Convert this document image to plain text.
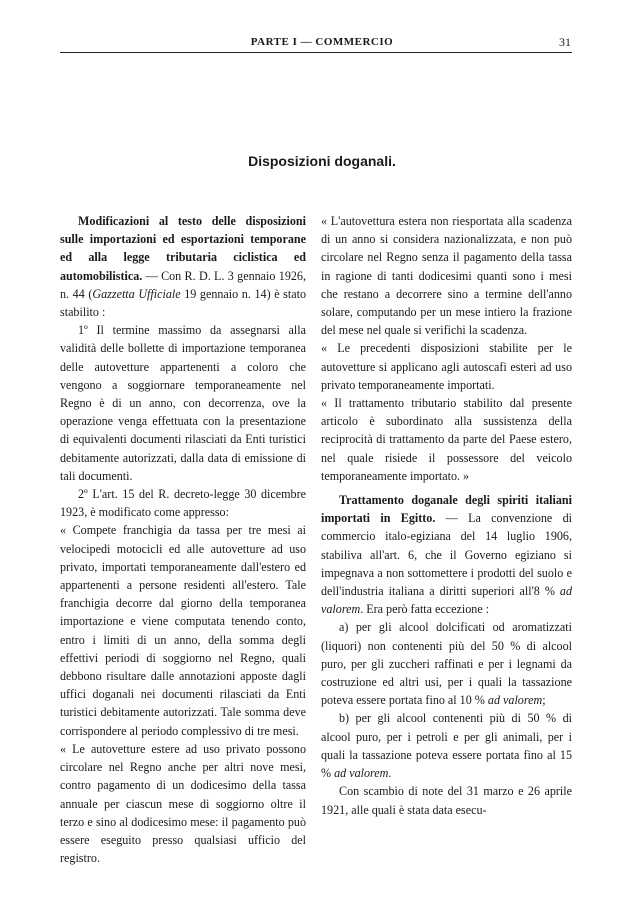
PARTE I — COMMERCIO	31
Disposizioni doganali.

Modificazioni al testo delle disposizioni sulle importazioni ed esportazioni temporane ed alla legge tributaria ciclistica ed automobilistica. — Con R. D. L. 3 gennaio 1926, n. 44 (Gazzetta Ufficiale 19 gennaio n. 14) è stato stabilito :

1º Il termine massimo da assegnarsi alla validità delle bollette di importazione temporanea delle autovetture appartenenti a coloro che vengono a soggiornare temporaneamente nel Regno è di un anno, con decorrenza, ove la operazione venga effettuata con la presentazione di equivalenti documenti rilasciati da Enti turistici debitamente autorizzati, dalla data di emissione di tali documenti.

2º L'art. 15 del R. decreto-legge 30 dicembre 1923, è modificato come appresso:

« Compete franchigia da tassa per tre mesi ai velocipedi motocicli ed alle autovetture ad uso privato, importati temporaneamente dall'estero ed appartenenti a persone residenti all'estero. Tale franchigia decorre dal giorno della temporanea importazione e viene computata tenendo conto, entro i limiti di un anno, della somma degli effettivi periodi di soggiorno nel Regno, quali debbono risultare dalle annotazioni apposte dagli uffici doganali nei documenti rilasciati da Enti turistici debitamente autorizzati. Tale somma deve corrispondere al periodo complessivo di tre mesi.

« Le autovetture estere ad uso privato possono circolare nel Regno anche per altri nove mesi, contro pagamento di un dodicesimo della tassa annuale per ciascun mese di soggiorno oltre il terzo e sino al dodicesimo mese: il pagamento può essere eseguito presso qualsiasi ufficio del registro.

« L'autovettura estera non riesportata alla scadenza di un anno si considera nazionalizzata, e non può circolare nel Regno senza il pagamento della tassa in ragione di tanti dodicesimi quanti sono i mesi che restano a decorrere sino a termine dell'anno solare, computando per un mese intiero la frazione del mese nel quale si verifichi la scadenza.

« Le precedenti disposizioni stabilite per le autovetture si applicano agli autoscafi esteri ad uso privato temporaneamente importati.

« Il trattamento tributario stabilito dal presente articolo è subordinato alla sussistenza della reciprocità di trattamento da parte del Paese estero, nel quale risiede il possessore del veicolo temporaneamente importato. »

Trattamento doganale degli spiriti italiani importati in Egitto. — La convenzione di commercio italo-egiziana del 14 luglio 1906, stabiliva all'art. 6, che il Governo egiziano si impegnava a non sottomettere i prodotti del suolo e dell'industria italiana a diritti superiori all'8 % ad valorem. Era però fatta eccezione :

a) per gli alcool dolcificati od aromatizzati (liquori) non contenenti più del 50 % di alcool puro, per gli zuccheri raffinati e per i legnami da costruzione ed altri usi, per i quali la tassazione poteva essere portata fino al 10 % ad valorem;

b) per gli alcool contenenti più di 50 % di alcool puro, per i petroli e per gli animali, per i quali la tassazione poteva essere portata fino al 15 % ad valorem.

Con scambio di note del 31 marzo e 26 aprile 1921, alle quali è stata data esecu-
